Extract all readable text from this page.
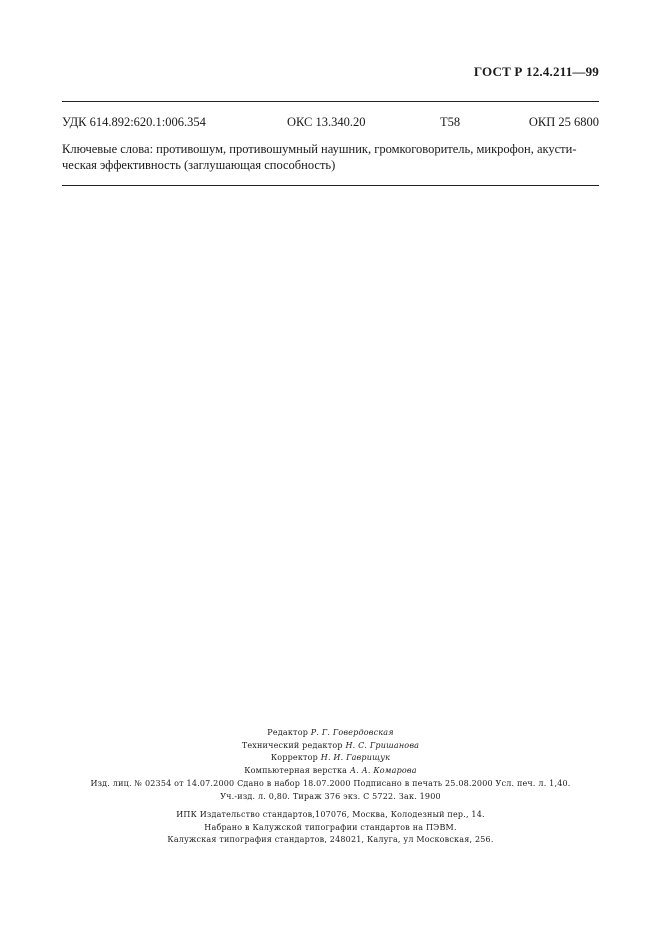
ГОСТ Р 12.4.211—99
УДК 614.892:620.1:006.354	ОКС 13.340.20	Т58	ОКП 25 6800
Ключевые слова: противошум, противошумный наушник, громкоговоритель, микрофон, акусти-
ческая эффективность (заглушающая способность)
Редактор Р. Г. Говердовская
Технический редактор Н. С. Гришанова
Корректор Н. И. Гаврищук
Компьютерная верстка А. А. Комарова
Изд. лиц. № 02354 от 14.07.2000 Сдано в набор 18.07.2000 Подписано в печать 25.08.2000 Усл. печ. л. 1,40.
Уч.-изд. л. 0,80. Тираж 376 экз. С 5722. Зак. 1900
ИПК Издательство стандартов,107076, Москва, Колодезный пер., 14.
Набрано в Калужской типографии стандартов на ПЭВМ.
Калужская типография стандартов, 248021, Калуга, ул Московская, 256.
